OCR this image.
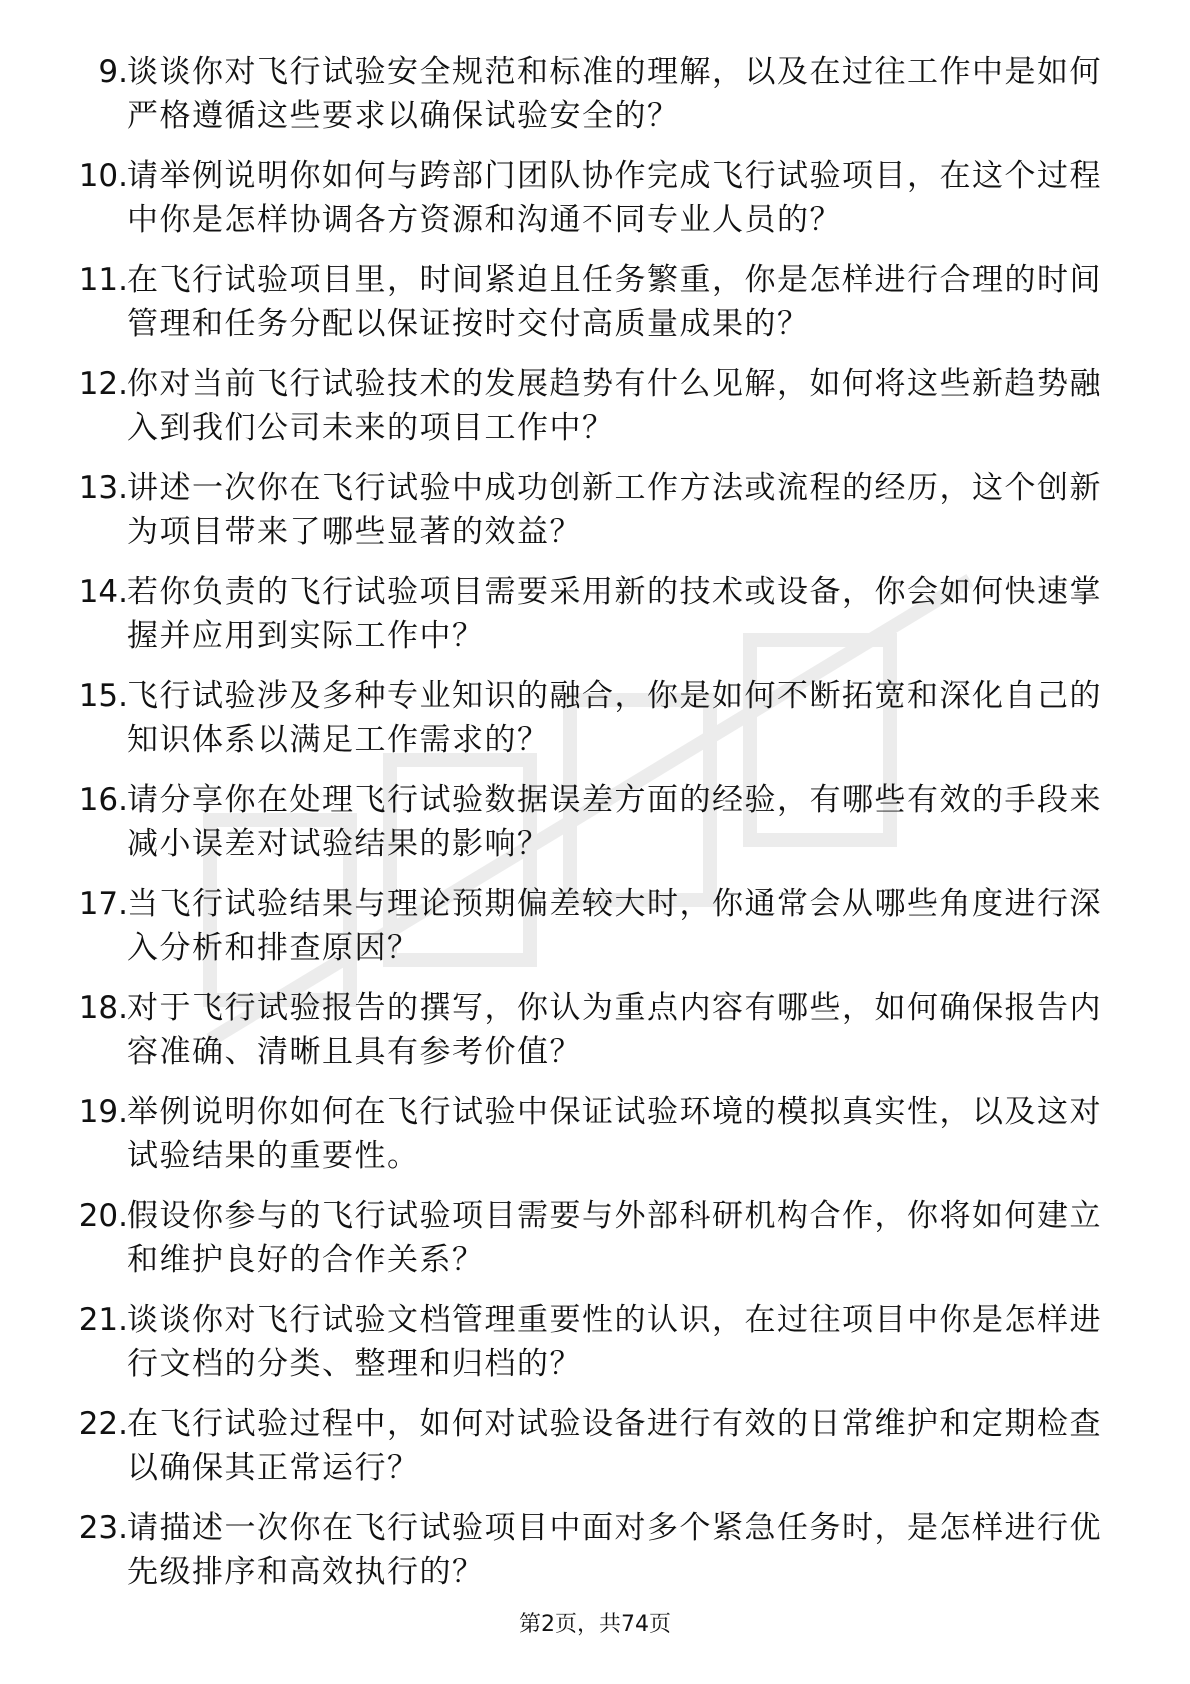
9. 谈谈你对飞行试验安全规范和标准的理解，以及在过往工作中是如何严格遵循这些要求以确保试验安全的？
10. 请举例说明你如何与跨部门团队协作完成飞行试验项目，在这个过程中你是怎样协调各方资源和沟通不同专业人员的？
11. 在飞行试验项目里，时间紧迫且任务繁重，你是怎样进行合理的时间管理和任务分配以保证按时交付高质量成果的？
12. 你对当前飞行试验技术的发展趋势有什么见解，如何将这些新趋势融入到我们公司未来的项目工作中？
13. 讲述一次你在飞行试验中成功创新工作方法或流程的经历，这个创新为项目带来了哪些显著的效益？
14. 若你负责的飞行试验项目需要采用新的技术或设备，你会如何快速掌握并应用到实际工作中？
15. 飞行试验涉及多种专业知识的融合，你是如何不断拓宽和深化自己的知识体系以满足工作需求的？
16. 请分享你在处理飞行试验数据误差方面的经验，有哪些有效的手段来减小误差对试验结果的影响？
17. 当飞行试验结果与理论预期偏差较大时，你通常会从哪些角度进行深入分析和排查原因？
18. 对于飞行试验报告的撰写，你认为重点内容有哪些，如何确保报告内容准确、清晰且具有参考价值？
19. 举例说明你如何在飞行试验中保证试验环境的模拟真实性，以及这对试验结果的重要性。
20. 假设你参与的飞行试验项目需要与外部科研机构合作，你将如何建立和维护良好的合作关系？
21. 谈谈你对飞行试验文档管理重要性的认识，在过往项目中你是怎样进行文档的分类、整理和归档的？
22. 在飞行试验过程中，如何对试验设备进行有效的日常维护和定期检查以确保其正常运行？
23. 请描述一次你在飞行试验项目中面对多个紧急任务时，是怎样进行优先级排序和高效执行的？
第2页，共74页
